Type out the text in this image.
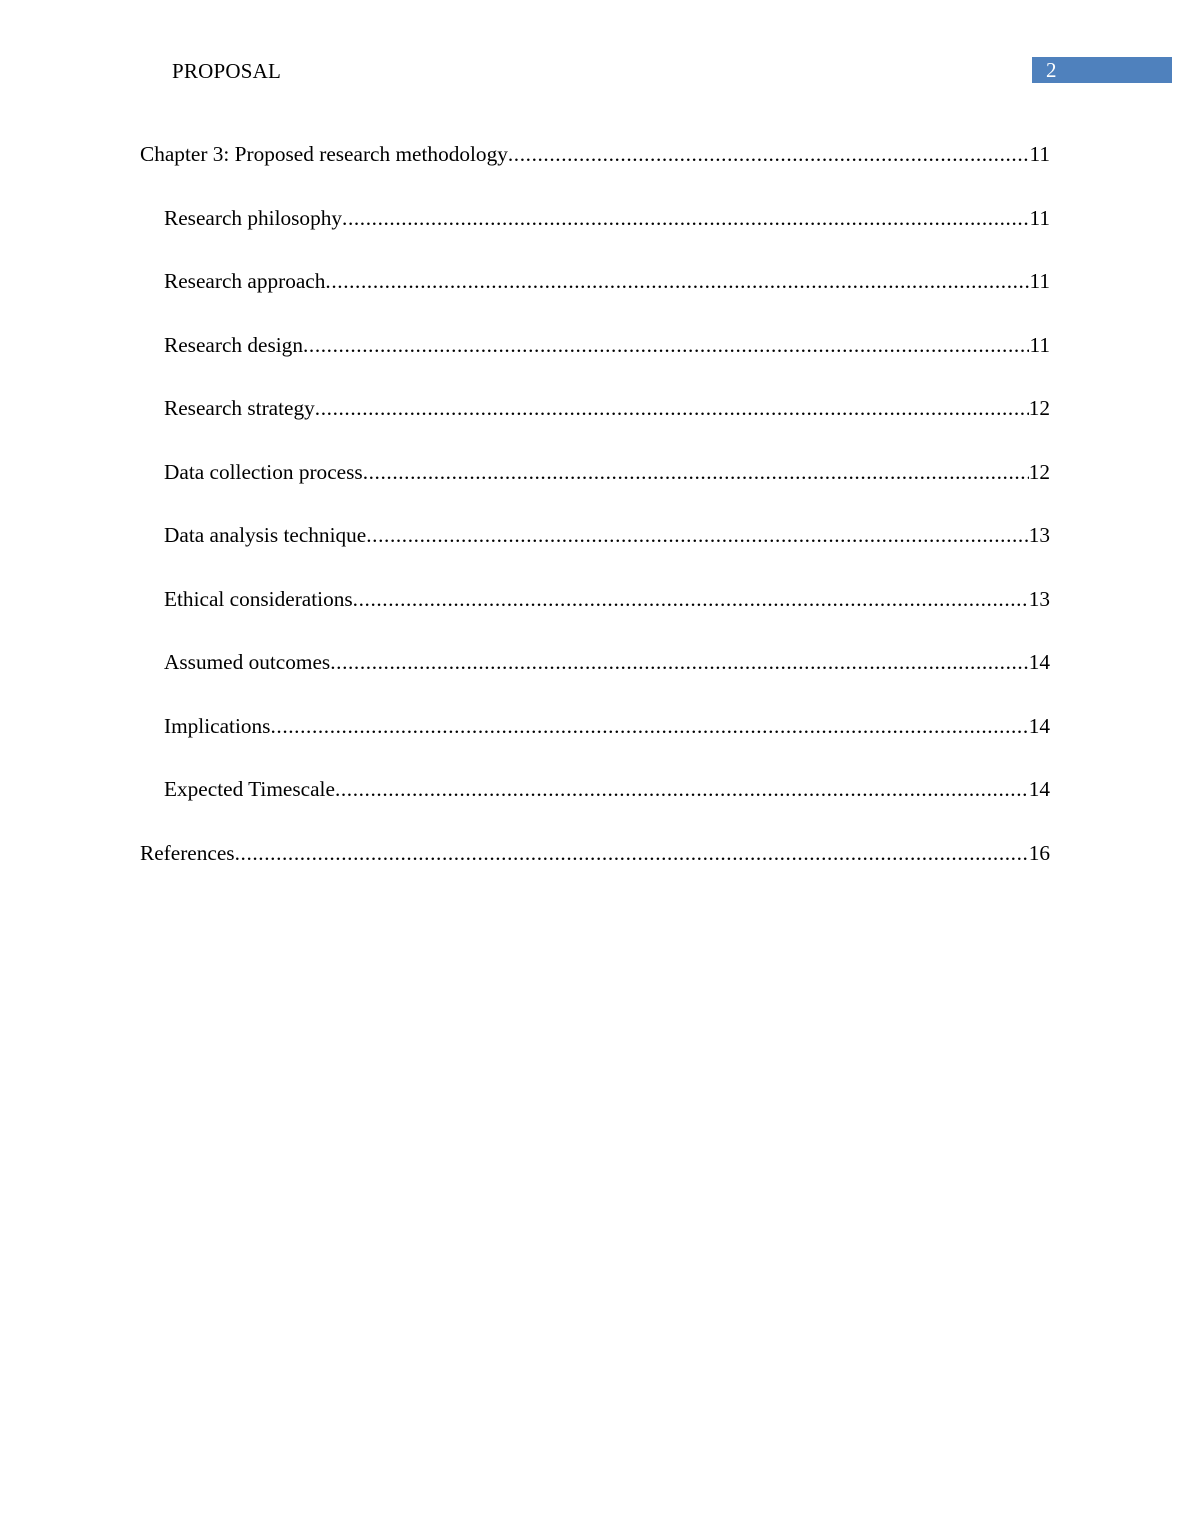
PROPOSAL	2
Chapter 3: Proposed research methodology .....	11
Research philosophy .....	11
Research approach .....	11
Research design .....	11
Research strategy .....	12
Data collection process .....	12
Data analysis technique .....	13
Ethical considerations .....	13
Assumed outcomes .....	14
Implications .....	14
Expected Timescale .....	14
References .....	16
